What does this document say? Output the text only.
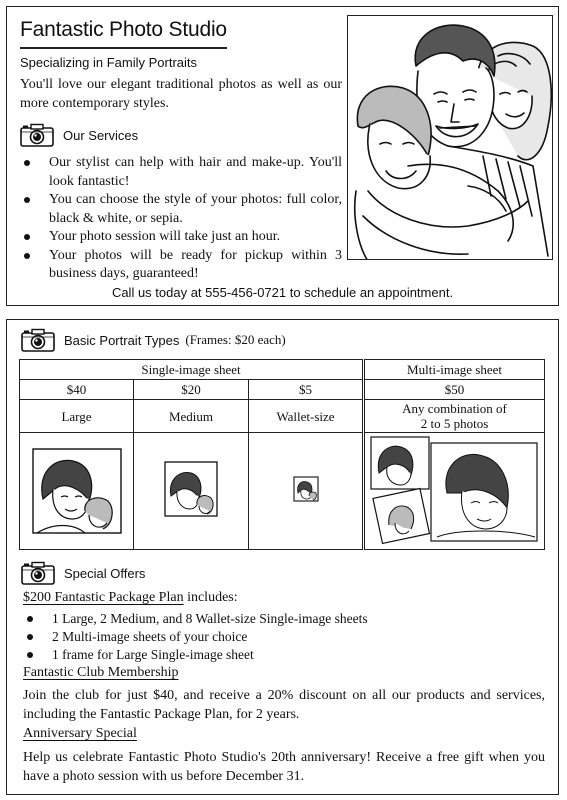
Fantastic Photo Studio
Specializing in Family Portraits

You'll love our elegant traditional photos as well as our more contemporary styles.

Our Services
Our stylist can help with hair and make-up. You'll look fantastic!
You can choose the style of your photos: full color, black & white, or sepia.
Your photo session will take just an hour.
Your photos will be ready for pickup within 3 business days, guaranteed!
Call us today at 555-456-0721 to schedule an appointment.
Basic Portrait Types (Frames: $20 each)
Single-image sheet			Multi-image sheet
$40	$20	$5	$50
Large	Medium	Wallet-size	Any combination of
2 to 5 photos

Special Offers
$200 Fantastic Package Plan includes:
1 Large, 2 Medium, and 8 Wallet-size Single-image sheets
2 Multi-image sheets of your choice
1 frame for Large Single-image sheet
Fantastic Club Membership

Join the club for just $40, and receive a 20% discount on all our products and services, including the Fantastic Package Plan, for 2 years.

Anniversary Special

Help us celebrate Fantastic Photo Studio's 20th anniversary! Receive a free gift when you have a photo session with us before December 31.
